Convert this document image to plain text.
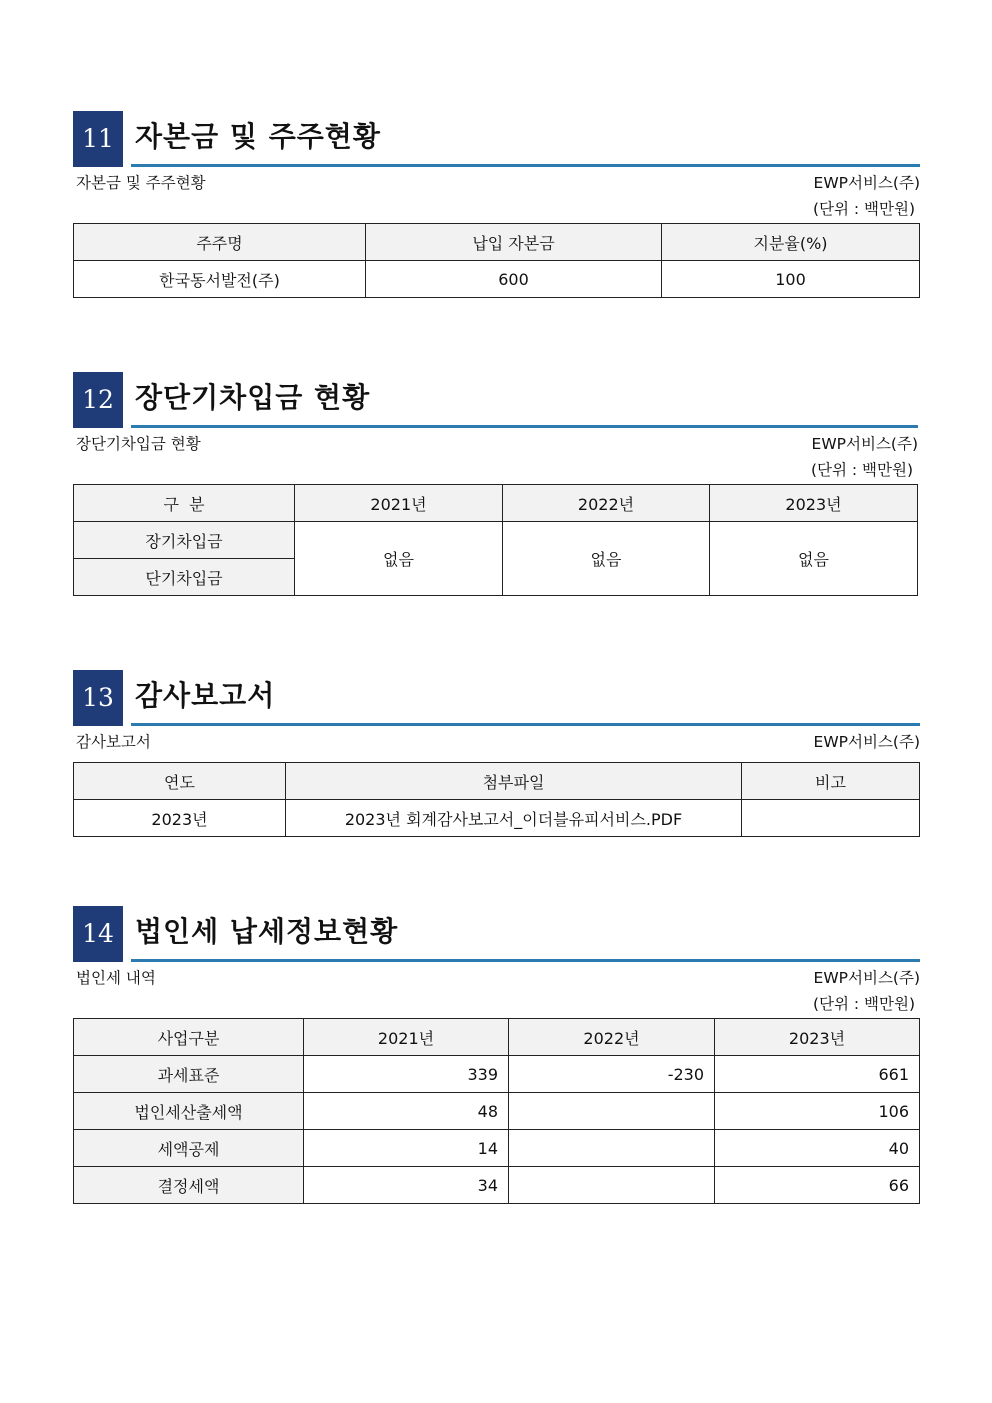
11 자본금 및 주주현황
자본금 및 주주현황	EWP서비스(주)
(단위 : 백만원)
주주명	납입 자본금	지분율(%)
한국동서발전(주)	600	100
12 장단기차입금 현황
장단기차입금 현황	EWP서비스(주)
(단위 : 백만원)
구  분	2021년	2022년	2023년
장기차입금	없음	없음	없음
단기차입금			
13 감사보고서
감사보고서	EWP서비스(주)
연도	첨부파일	비고
2023년	2023년 회계감사보고서_이더블유피서비스.PDF	
14 법인세 납세정보현황
법인세 내역	EWP서비스(주)
(단위 : 백만원)
사업구분	2021년	2022년	2023년
과세표준	339	-230	661
법인세산출세액	48		106
세액공제	14		40
결정세액	34		66
